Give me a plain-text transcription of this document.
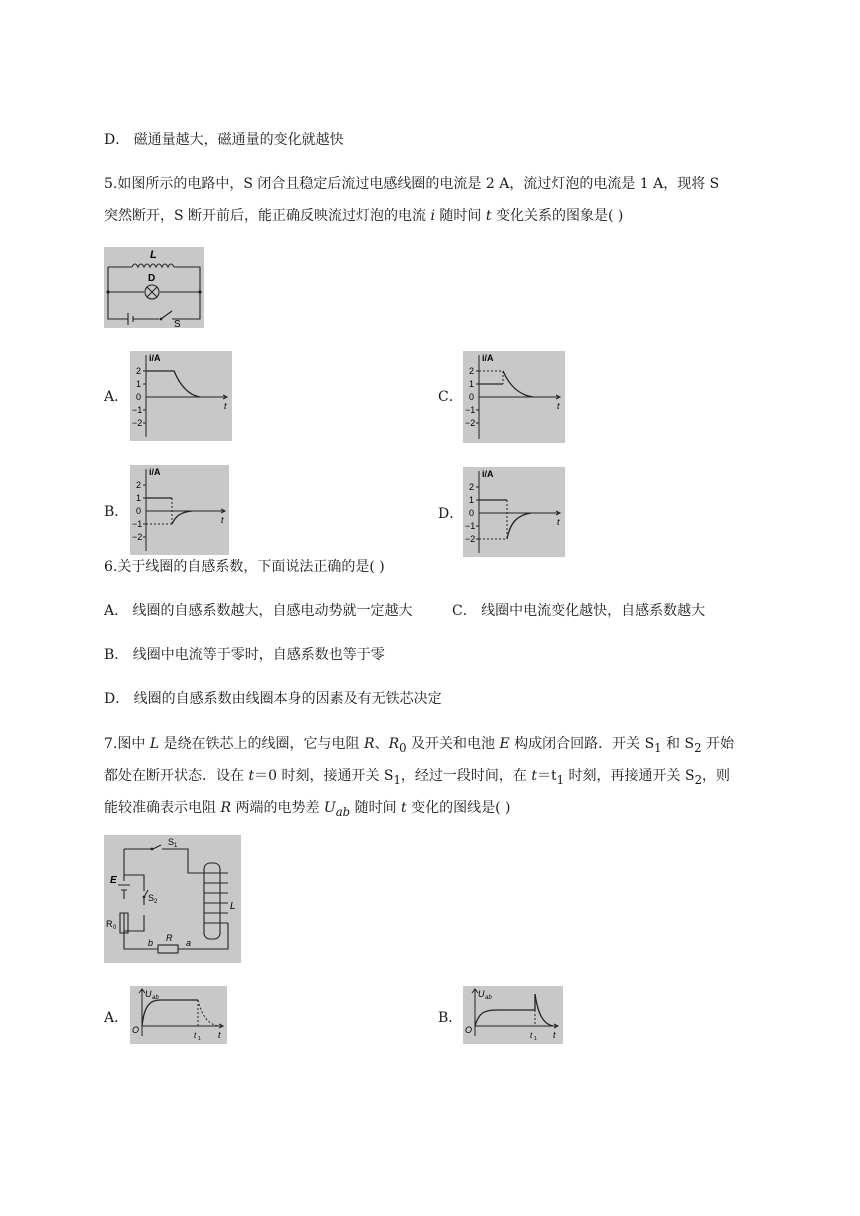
D． 磁通量越大，磁通量的变化就越快
5.如图所示的电路中，S 闭合且稳定后流过电感线圈的电流是 2 A，流过灯泡的电流是 1 A，现将 S
突然断开，S 断开前后，能正确反映流过灯泡的电流 i 随时间 t 变化关系的图象是( )
L
D
S
A．
i/A
2
1
0
−1
−2
t
C．
i/A
2
1
0
−1
−2
t
B．
i/A
2
1
0
−1
−2
t	D．
i/A
2
1
0
−1
−2
t
6.关于线圈的自感系数，下面说法正确的是( )
A． 线圈的自感系数越大，自感电动势就一定越大	C． 线圈中电流变化越快，自感系数越大
B． 线圈中电流等于零时，自感系数也等于零
D． 线圈的自感系数由线圈本身的因素及有无铁芯决定
7.图中 L 是绕在铁芯上的线圈，它与电阻 R、$R_0$ 及开关和电池 E 构成闭合回路．开关 $S_1$ 和 $S_2$ 开始
都处在断开状态．设在 t＝0 时刻，接通开关 $S_1$，经过一段时间，在 $t=t_1$ 时刻，再接通开关 $S_2$，则
能较准确表示电阻 R 两端的电势差 $U_{ab}$ 随时间 t 变化的图线是( )
S 1
S 2
E
R 0
L
b R a
A．
U ab
O
t 1 t
B．
U ab
O
t 1 t
